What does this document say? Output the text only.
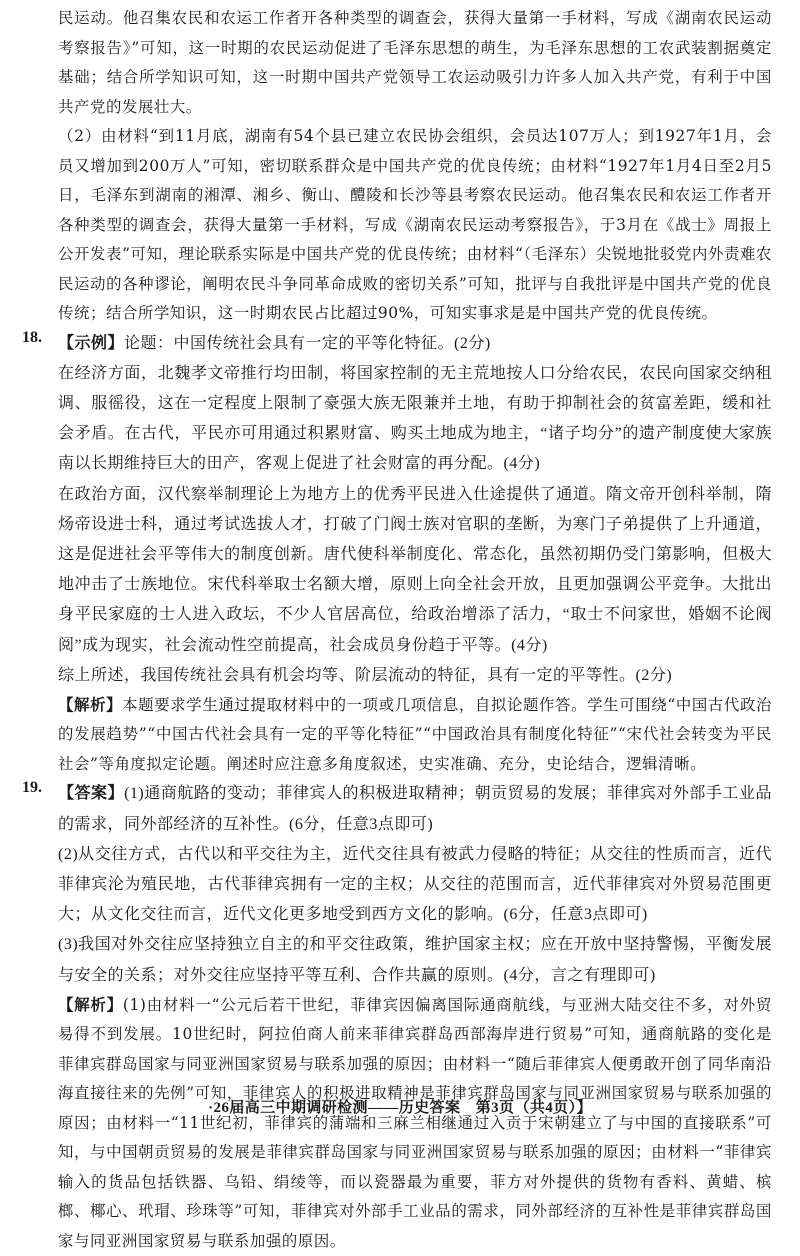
民运动。他召集农民和农运工作者开各种类型的调查会，获得大量第一手材料，写成《湖南农民运动考察报告》”可知，这一时期的农民运动促进了毛泽东思想的萌生，为毛泽东思想的工农武装割据奠定基础；结合所学知识可知，这一时期中国共产党领导工农运动吸引力许多人加入共产党，有利于中国共产党的发展壮大。

（2）由材料“到11月底，湖南有54个县已建立农民协会组织，会员达107万人；到1927年1月，会员又增加到200万人”可知，密切联系群众是中国共产党的优良传统；由材料“1927年1月4日至2月5日，毛泽东到湖南的湘潭、湘乡、衡山、醴陵和长沙等县考察农民运动。他召集农民和农运工作者开各种类型的调查会，获得大量第一手材料，写成《湖南农民运动考察报告》，于3月在《战士》周报上公开发表”可知，理论联系实际是中国共产党的优良传统；由材料“（毛泽东）尖锐地批驳党内外责难农民运动的各种谬论，阐明农民斗争同革命成败的密切关系”可知，批评与自我批评是中国共产党的优良传统；结合所学知识，这一时期农民占比超过90%，可知实事求是是中国共产党的优良传统。

18. 【示例】论题：中国传统社会具有一定的平等化特征。(2分)

在经济方面，北魏孝文帝推行均田制，将国家控制的无主荒地按人口分给农民，农民向国家交纳租调、服徭役，这在一定程度上限制了豪强大族无限兼并土地，有助于抑制社会的贫富差距，缓和社会矛盾。在古代，平民亦可用通过积累财富、购买土地成为地主，“诸子均分”的遗产制度使大家族南以长期维持巨大的田产，客观上促进了社会财富的再分配。(4分)

在政治方面，汉代察举制理论上为地方上的优秀平民进入仕途提供了通道。隋文帝开创科举制，隋炀帝设进士科，通过考试选拔人才，打破了门阀士族对官职的垄断，为寒门子弟提供了上升通道，这是促进社会平等伟大的制度创新。唐代使科举制度化、常态化，虽然初期仍受门第影响，但极大地冲击了士族地位。宋代科举取士名额大增，原则上向全社会开放，且更加强调公平竞争。大批出身平民家庭的士人进入政坛，不少人官居高位，给政治增添了活力，“取士不问家世，婚姻不论阀阅”成为现实，社会流动性空前提高，社会成员身份趋于平等。(4分)

综上所述，我国传统社会具有机会均等、阶层流动的特征，具有一定的平等性。(2分)

【解析】本题要求学生通过提取材料中的一项或几项信息，自拟论题作答。学生可围绕“中国古代政治的发展趋势”“中国古代社会具有一定的平等化特征”“中国政治具有制度化特征”“宋代社会转变为平民社会”等角度拟定论题。阐述时应注意多角度叙述，史实准确、充分，史论结合，逻辑清晰。

19. 【答案】(1)通商航路的变动；菲律宾人的积极进取精神；朝贡贸易的发展；菲律宾对外部手工业品的需求，同外部经济的互补性。(6分，任意3点即可)

(2)从交往方式，古代以和平交往为主，近代交往具有被武力侵略的特征；从交往的性质而言，近代菲律宾沦为殖民地，古代菲律宾拥有一定的主权；从交往的范围而言，近代菲律宾对外贸易范围更大；从文化交往而言，近代文化更多地受到西方文化的影响。(6分，任意3点即可)

(3)我国对外交往应坚持独立自主的和平交往政策，维护国家主权；应在开放中坚持警惕，平衡发展与安全的关系；对外交往应坚持平等互利、合作共赢的原则。(4分，言之有理即可)

【解析】(1)由材料一“公元后若干世纪，菲律宾因偏离国际通商航线，与亚洲大陆交往不多，对外贸易得不到发展。10世纪时，阿拉伯商人前来菲律宾群岛西部海岸进行贸易”可知，通商航路的变化是菲律宾群岛国家与同亚洲国家贸易与联系加强的原因；由材料一“随后菲律宾人便勇敢开创了同华南沿海直接往来的先例”可知，菲律宾人的积极进取精神是菲律宾群岛国家与同亚洲国家贸易与联系加强的原因；由材料一“11世纪初，菲律宾的蒲端和三麻兰相继通过入贡于宋朝建立了与中国的直接联系”可知，与中国朝贡贸易的发展是菲律宾群岛国家与同亚洲国家贸易与联系加强的原因；由材料一“菲律宾输入的货品包括铁器、乌铅、绢绫等，而以瓷器最为重要，菲方对外提供的货物有香料、黄蜡、槟榔、椰心、玳瑁、珍珠等”可知，菲律宾对外部手工业品的需求，同外部经济的互补性是菲律宾群岛国家与同亚洲国家贸易与联系加强的原因。

·26届高三中期调研检测——历史答案　第3页（共4页）】
